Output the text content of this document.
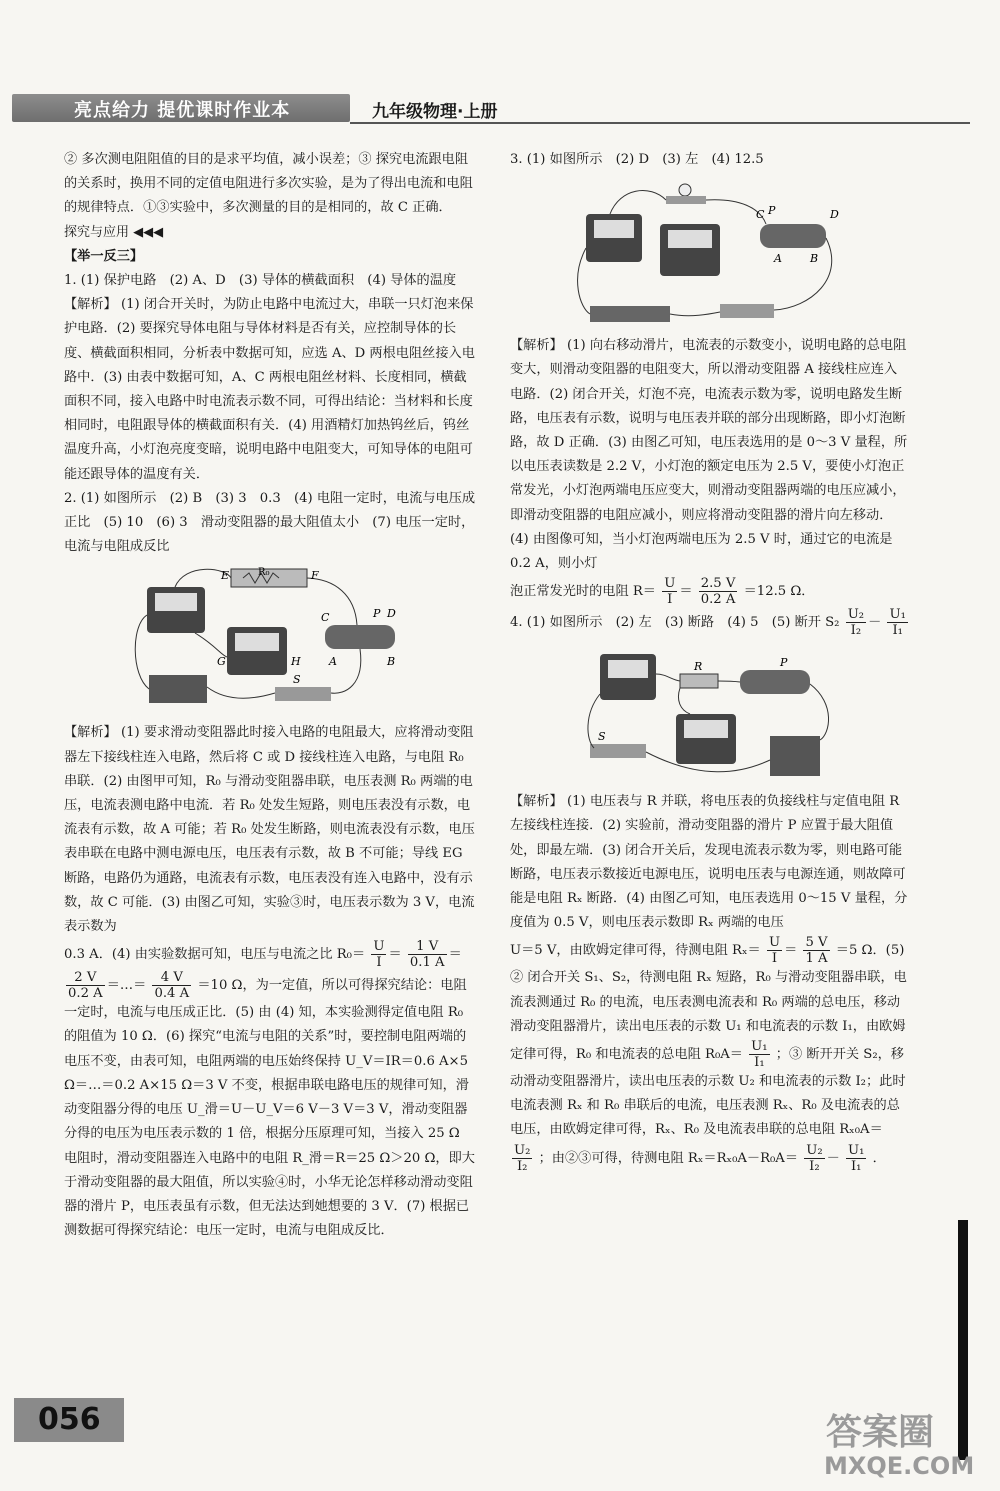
亮点给力 提优课时作业本	九年级物理·上册

② 多次测电阻阻值的目的是求平均值，减小误差；③ 探究电流跟电阻的关系时，换用不同的定值电阻进行多次实验，是为了得出电流和电阻的规律特点．①③实验中，多次测量的目的是相同的，故 C 正确．

探究与应用 ◀◀◀

【举一反三】

1. (1) 保护电路　(2) A、D　(3) 导体的横截面积　(4) 导体的温度　【解析】 (1) 闭合开关时，为防止电路中电流过大，串联一只灯泡来保护电路．(2) 要探究导体电阻与导体材料是否有关，应控制导体的长度、横截面积相同，分析表中数据可知，应选 A、D 两根电阻丝接入电路中．(3) 由表中数据可知，A、C 两根电阻丝材料、长度相同，横截面积不同，接入电路中时电流表示数不同，可得出结论：当材料和长度相同时，电阻跟导体的横截面积有关．(4) 用酒精灯加热钨丝后，钨丝温度升高，小灯泡亮度变暗，说明电路中电阻变大，可知导体的电阻可能还跟导体的温度有关．

2. (1) 如图所示　(2) B　(3) 3　0.3　(4) 电阻一定时，电流与电压成正比　(5) 10　(6) 3　滑动变阻器的最大阻值太小　(7) 电压一定时，电流与电阻成反比

R₀
E	F
C	P D
G	H	A	B
S

【解析】 (1) 要求滑动变阻器此时接入电路的电阻最大，应将滑动变阻器左下接线柱连入电路，然后将 C 或 D 接线柱连入电路，与电阻 R₀ 串联．(2) 由图甲可知，R₀ 与滑动变阻器串联，电压表测 R₀ 两端的电压，电流表测电路中电流．若 R₀ 处发生短路，则电压表没有示数，电流表有示数，故 A 可能；若 R₀ 处发生断路，则电流表没有示数，电压表串联在电路中测电源电压，电压表有示数，故 B 不可能；导线 EG 断路，电路仍为通路，电流表有示数，电压表没有连入电路中，没有示数，故 C 可能．(3) 由图乙可知，实验③时，电压表示数为 3 V，电流表示数为

0.3 A．(4) 由实验数据可知，电压与电流之比 $R_0= \frac{U}{I} = \frac{1 V}{0.1 A}$ ＝
$\frac{2 V}{0.2 A}$ ＝…＝ $\frac{4 V}{0.4 A} =10$ Ω，为一定值，所以可得探究结论：电阻一定时，电流与电压成正比．(5) 由 (4) 知，本实验测得定值电阻 R₀ 的阻值为 10 Ω．(6) 探究“电流与电阻的关系”时，要控制电阻两端的电压不变，由表可知，电阻两端的电压始终保持 U_V＝IR＝0.6 A×5 Ω＝…＝0.2 A×15 Ω＝3 V 不变，根据串联电路电压的规律可知，滑动变阻器分得的电压 U_滑＝U－U_V＝6 V－3 V＝3 V，滑动变阻器分得的电压为电压表示数的 1 倍，根据分压原理可知，当接入 25 Ω 电阻时，滑动变阻器连入电路中的电阻 R_滑＝R＝25 Ω＞20 Ω，即大于滑动变阻器的最大阻值，所以实验④时，小华无论怎样移动滑动变阻器的滑片 P，电压表虽有示数，但无法达到她想要的 3 V．(7) 根据已测数据可得探究结论：电压一定时，电流与电阻成反比．

3. (1) 如图所示　(2) D　(3) 左　(4) 12.5

C P	D
A	B

【解析】 (1) 向右移动滑片，电流表的示数变小，说明电路的总电阻变大，则滑动变阻器的电阻变大，所以滑动变阻器 A 接线柱应连入电路．(2) 闭合开关，灯泡不亮，电流表示数为零，说明电路发生断路，电压表有示数，说明与电压表并联的部分出现断路，即小灯泡断路，故 D 正确．(3) 由图乙可知，电压表选用的是 0～3 V 量程，所以电压表读数是 2.2 V，小灯泡的额定电压为 2.5 V，要使小灯泡正常发光，小灯泡两端电压应变大，则滑动变阻器两端的电压应减小，即滑动变阻器的电阻应减小，则应将滑动变阻器的滑片向左移动．(4) 由图像可知，当小灯泡两端电压为 2.5 V 时，通过它的电流是 0.2 A，则小灯

泡正常发光时的电阻 $R= \frac{U}{I} = \frac{2.5 V}{0.2 A} =12.5$ Ω．

4. (1) 如图所示　(2) 左　(3) 断路　(4) 5　(5) 断开 $S_2 \frac{\text{U₂}}{\text{I₂}} - \frac{\text{U₁}}{\text{I₁}}$

R	P
S

【解析】 (1) 电压表与 R 并联，将电压表的负接线柱与定值电阻 R 左接线柱连接．(2) 实验前，滑动变阻器的滑片 P 应置于最大阻值处，即最左端．(3) 闭合开关后，发现电流表示数为零，则电路可能断路，电压表示数接近电源电压，说明电压表与电源连通，则故障可能是电阻 Rₓ 断路．(4) 由图乙可知，电压表选用 0～15 V 量程，分度值为 0.5 V，则电压表示数即 Rₓ 两端的电压

U＝5 V，由欧姆定律可得，待测电阻 $R_x= \frac{U}{I} = \frac{5 V}{1 A} =5$ Ω．(5) ② 闭合开关 S₁、S₂，待测电阻 Rₓ 短路，R₀ 与滑动变阻器串联，电流表测通过 R₀ 的电流，电压表测电流表和 R₀ 两端的总电压，移动滑动变阻器滑片，读出电压表的示数 U₁ 和电流表的示数 I₁，由欧姆定律可得，R₀ 和电流表的总电阻 $R_0A= \frac{\text{U₁}}{\text{I₁}}$ ；③ 断开开关 S₂，移动滑动变阻器滑片，读出电压表的示数 U₂ 和电流表的示数 I₂；此时电流表测 Rₓ 和 R₀ 串联后的电流，电压表测 Rₓ、R₀ 及电流表的总电压，由欧姆定律可得，Rₓ、R₀ 及电流表串联的总电阻 Rₓ₀A＝
$\frac{\text{U₂}}{\text{I₂}}$ ；由②③可得，待测电阻 $R_x=R_{x0}A-R_0A= \frac{\text{U₂}}{\text{I₂}} - \frac{\text{U₁}}{\text{I₁}}$ ．

056	答案圈
MXQE.COM
